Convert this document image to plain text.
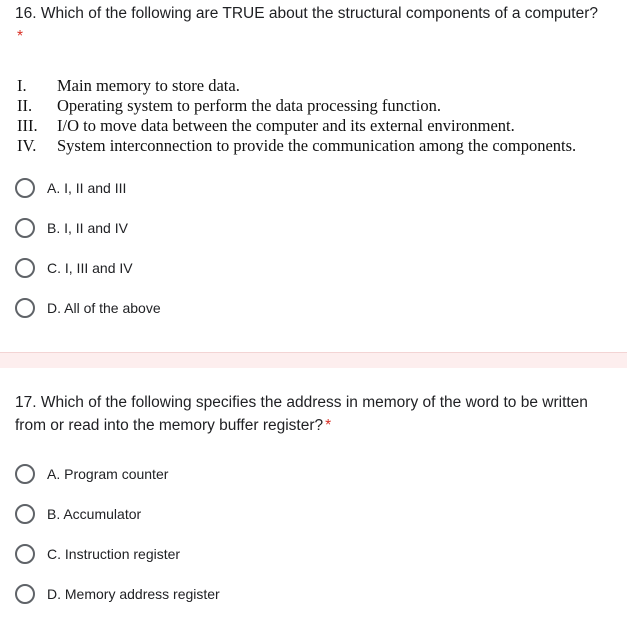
16. Which of the following are TRUE about the structural components of a computer?*
I.	Main memory to store data.
II.	Operating system to perform the data processing function.
III.	I/O to move data between the computer and its external environment.
IV.	System interconnection to provide the communication among the components.
A. I, II and III
B. I, II and IV
C. I, III and IV
D. All of the above
17. Which of the following specifies the address in memory of the word to be written from or read into the memory buffer register? *
A. Program counter
B. Accumulator
C. Instruction register
D. Memory address register
